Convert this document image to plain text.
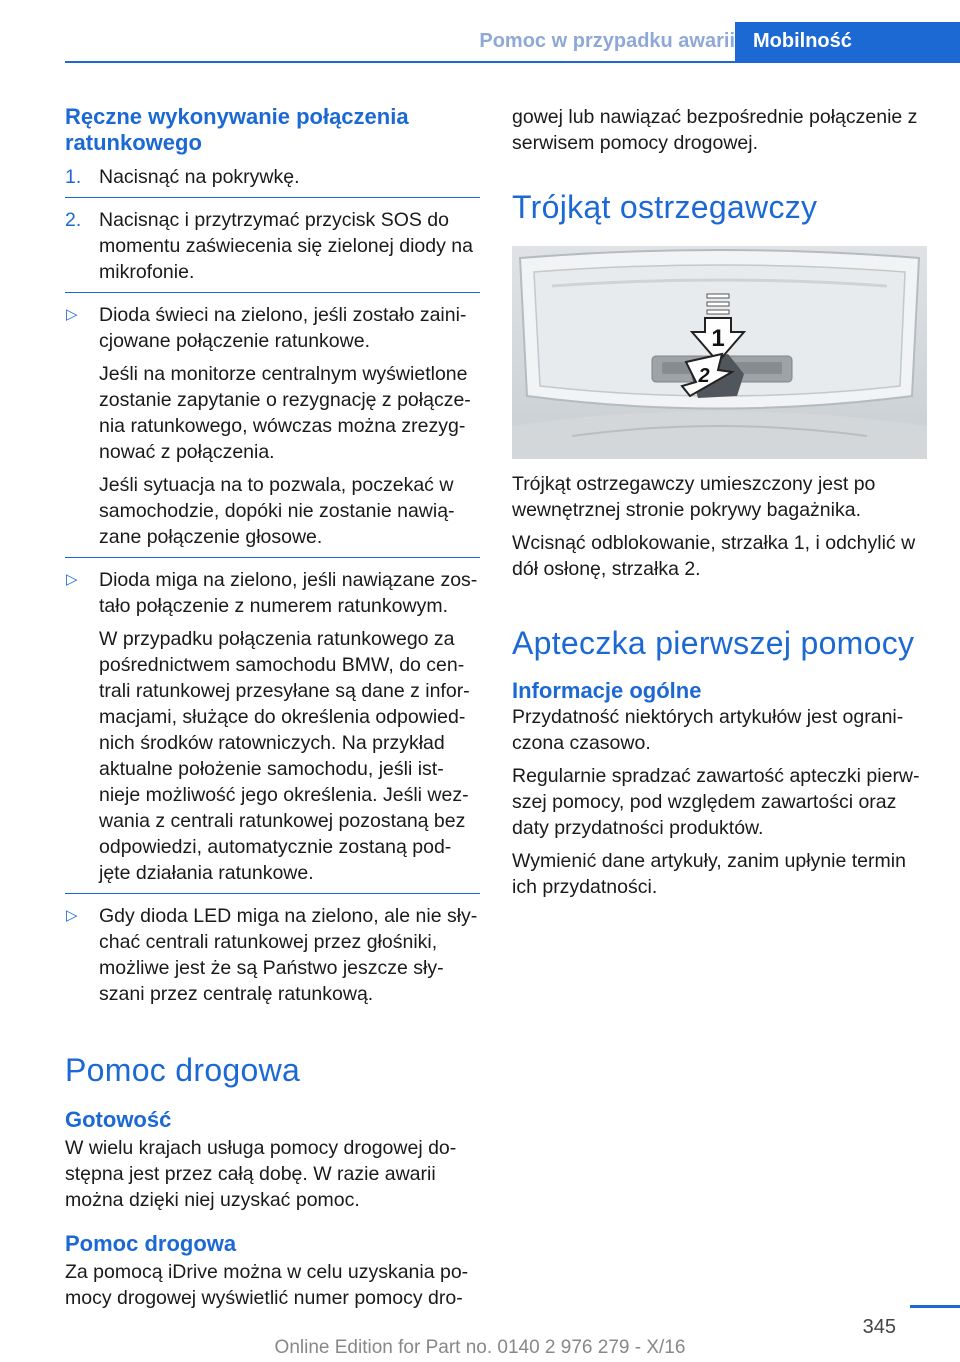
Pomoc w przypadku awarii Mobilność
Ręczne wykonywanie połączenia ratunkowego
1. Nacisnąć na pokrywkę.
2. Nacisnąc i przytrzymać przycisk SOS do momentu zaświecenia się zielonej diody na mikrofonie.
▷ Dioda świeci na zielono, jeśli zostało zaini-cjowane połączenie ratunkowe.

Jeśli na monitorze centralnym wyświetlone zostanie zapytanie o rezygnację z połącze-nia ratunkowego, wówczas można zrezyg-nować z połączenia.

Jeśli sytuacja na to pozwala, poczekać w samochodzie, dopóki nie zostanie nawią-zane połączenie głosowe.

▷ Dioda miga na zielono, jeśli nawiązane zos-tało połączenie z numerem ratunkowym.

W przypadku połączenia ratunkowego za pośrednictwem samochodu BMW, do cen-trali ratunkowej przesyłane są dane z infor-macjami, służące do określenia odpowied-nich środków ratowniczych. Na przykład aktualne położenie samochodu, jeśli ist-nieje możliwość jego określenia. Jeśli wez-wania z centrali ratunkowej pozostaną bez odpowiedzi, automatycznie zostaną pod-jęte działania ratunkowe.

▷ Gdy dioda LED miga na zielono, ale nie sły-chać centrali ratunkowej przez głośniki, możliwe jest że są Państwo jeszcze sły-szani przez centralę ratunkową.
Pomoc drogowa
Gotowość

W wielu krajach usługa pomocy drogowej do-stępna jest przez całą dobę. W razie awarii można dzięki niej uzyskać pomoc.

Pomoc drogowa

Za pomocą iDrive można w celu uzyskania po-mocy drogowej wyświetlić numer pomocy dro-

gowej lub nawiązać bezpośrednie połączenie z serwisem pomocy drogowej.

Trójkąt ostrzegawczy
1
2

Trójkąt ostrzegawczy umieszczony jest po wewnętrznej stronie pokrywy bagażnika.

Wcisnąć odblokowanie, strzałka 1, i odchylić w dół osłonę, strzałka 2.

Apteczka pierwszej pomocy
Informacje ogólne

Przydatność niektórych artykułów jest ograni-czona czasowo.

Regularnie spradzać zawartość apteczki pierw-szej pomocy, pod względem zawartości oraz daty przydatności produktów.

Wymienić dane artykuły, zanim upłynie termin ich przydatności.

345
Online Edition for Part no. 0140 2 976 279 - X/16
